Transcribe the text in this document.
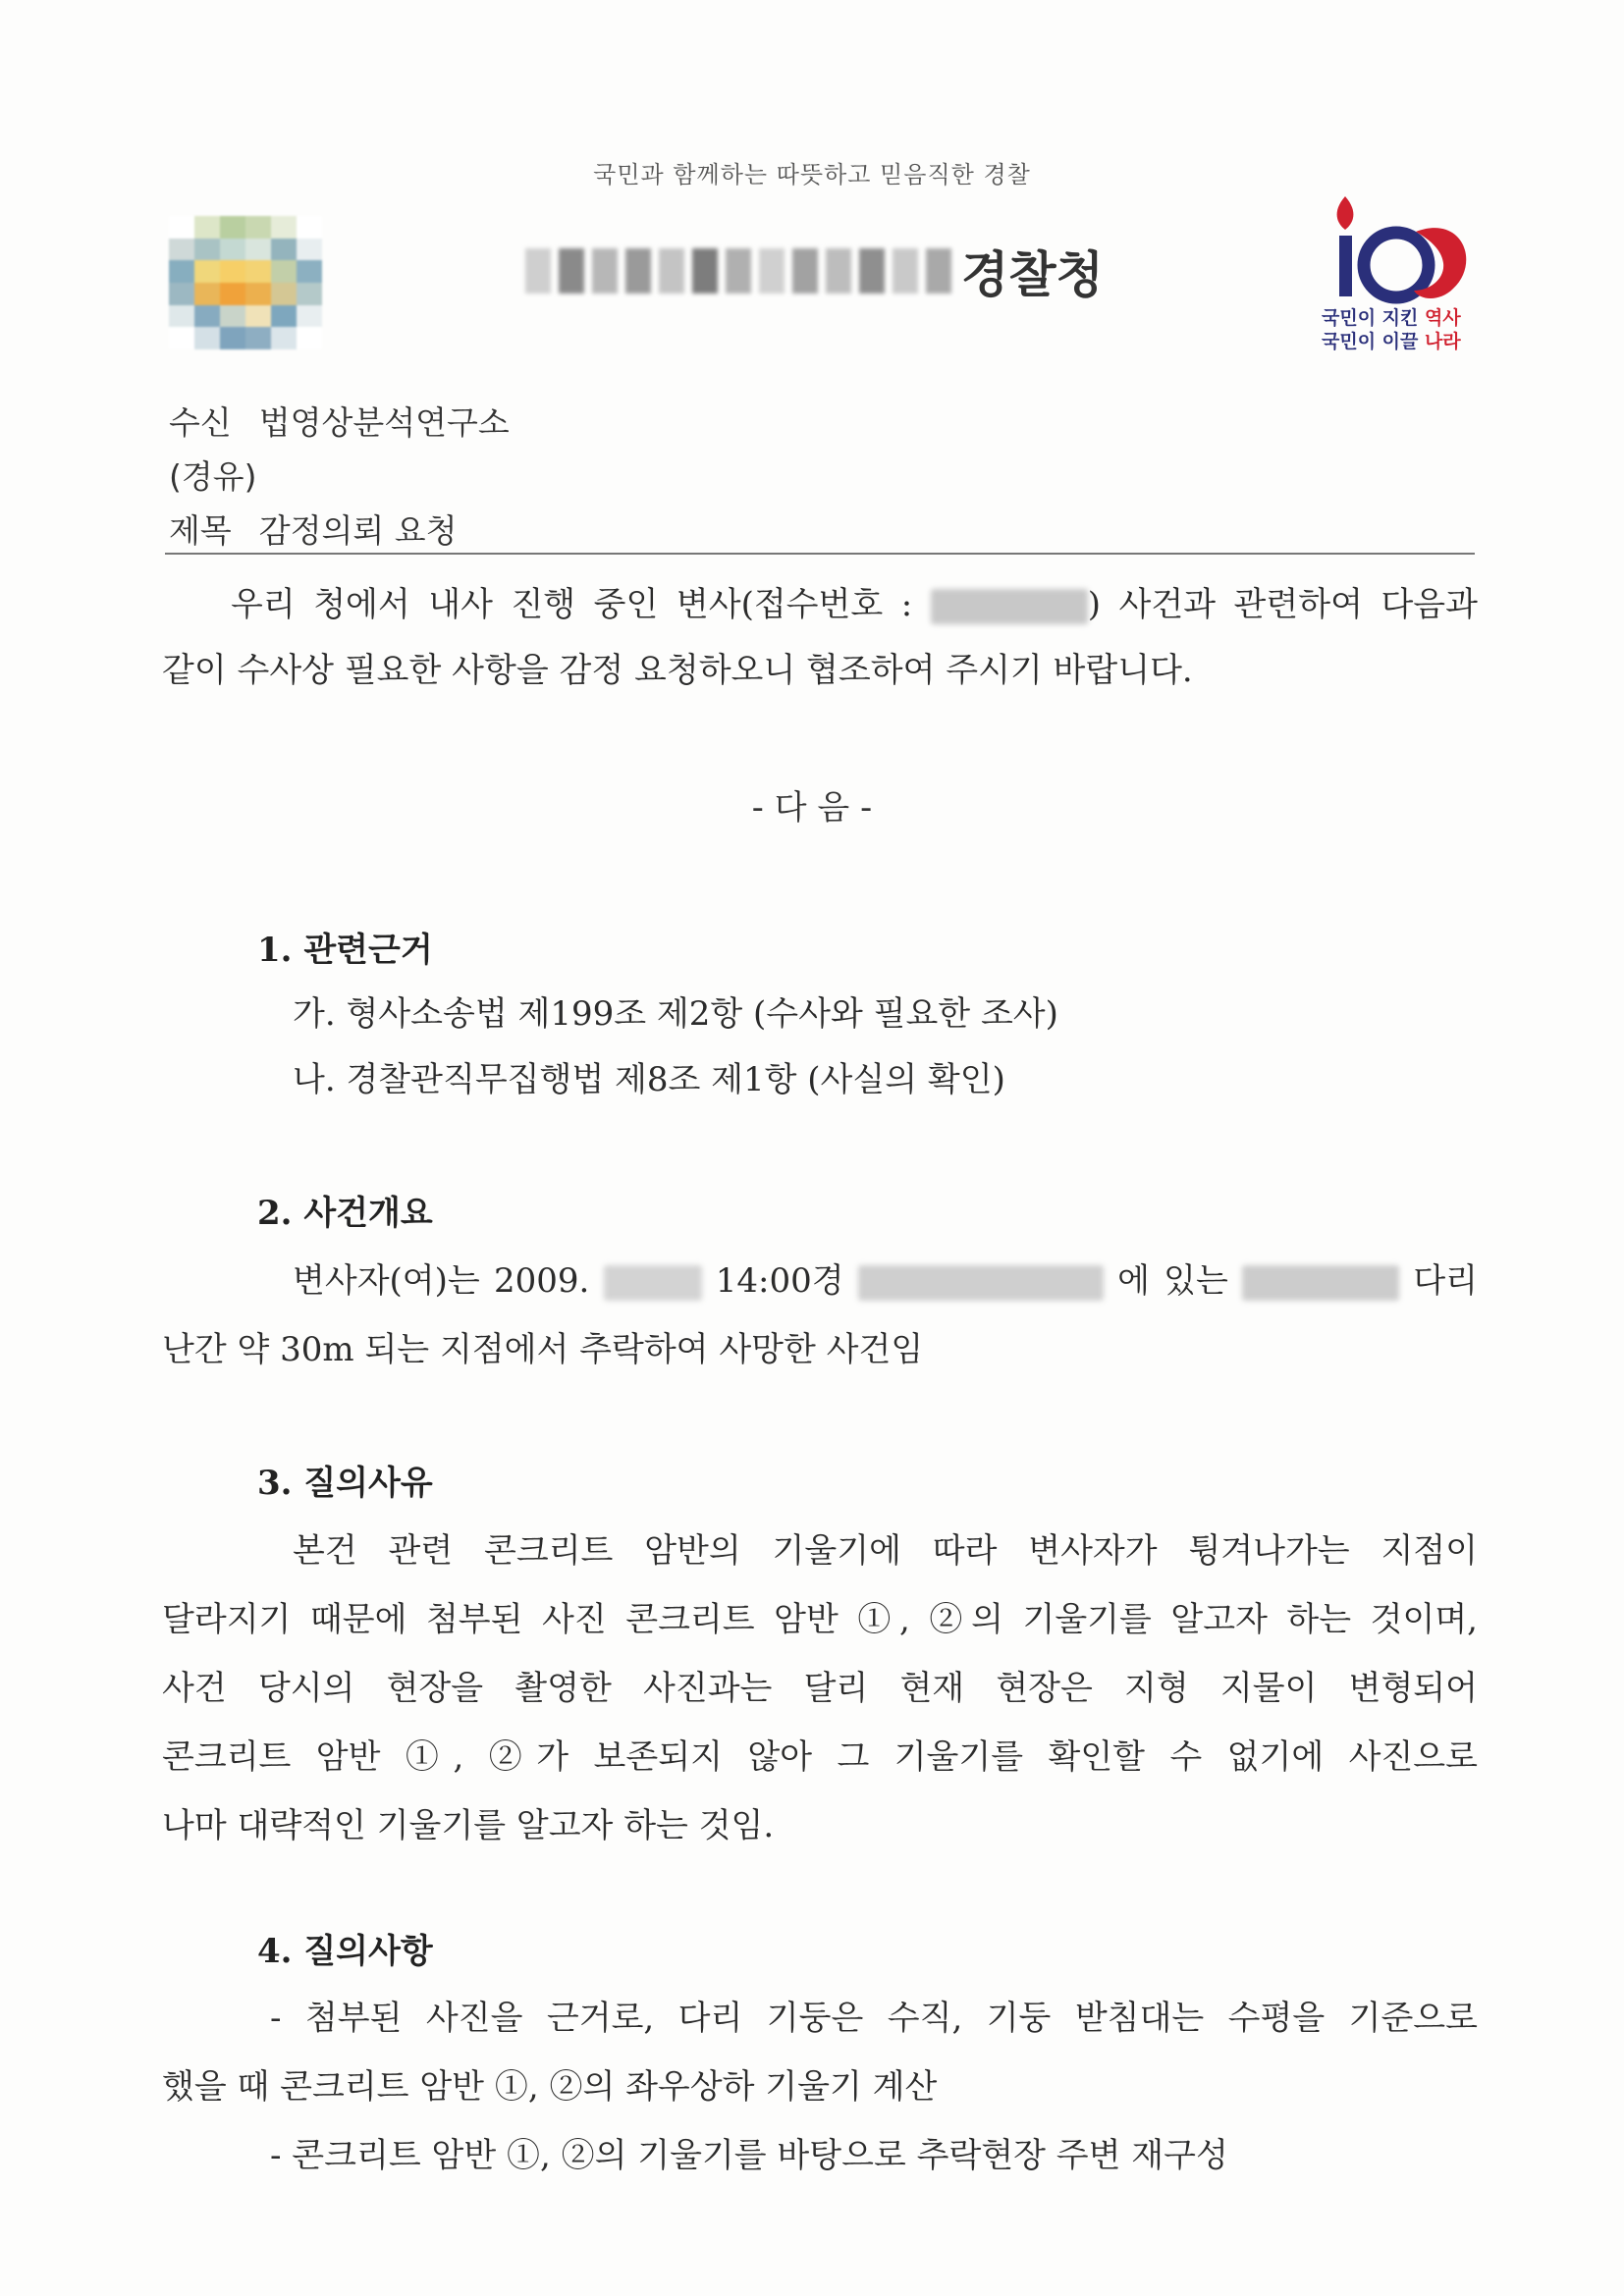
국민과 함께하는 따뜻하고 믿음직한 경찰
경찰청
국민이 지킨 역사
국민이 이끌 나라
수신 법영상분석연구소
(경유)
제목 감정의뢰 요청
우리 청에서 내사 진행 중인 변사(접수번호 :	) 사건과 관련하여 다음과
같이 수사상 필요한 사항을 감정 요청하오니 협조하여 주시기 바랍니다.
- 다 음 -
1. 관련근거
가. 형사소송법 제199조 제2항 (수사와 필요한 조사)
나. 경찰관직무집행법 제8조 제1항 (사실의 확인)
2. 사건개요
변사자(여)는 2009.	14:00경	에 있는	다리
난간 약 30m 되는 지점에서 추락하여 사망한 사건임
3. 질의사유
본건 관련 콘크리트 암반의 기울기에 따라 변사자가 튕겨나가는 지점이
달라지기 때문에 첨부된 사진 콘크리트 암반 ①, ②의 기울기를 알고자 하는 것이며,
사건 당시의 현장을 촬영한 사진과는 달리 현재 현장은 지형 지물이 변형되어
콘크리트 암반 ①, ②가 보존되지 않아 그 기울기를 확인할 수 없기에 사진으로
나마 대략적인 기울기를 알고자 하는 것임.
4. 질의사항
- 첨부된 사진을 근거로, 다리 기둥은 수직, 기둥 받침대는 수평을 기준으로
했을 때 콘크리트 암반 ①, ②의 좌우상하 기울기 계산
- 콘크리트 암반 ①, ②의 기울기를 바탕으로 추락현장 주변 재구성
